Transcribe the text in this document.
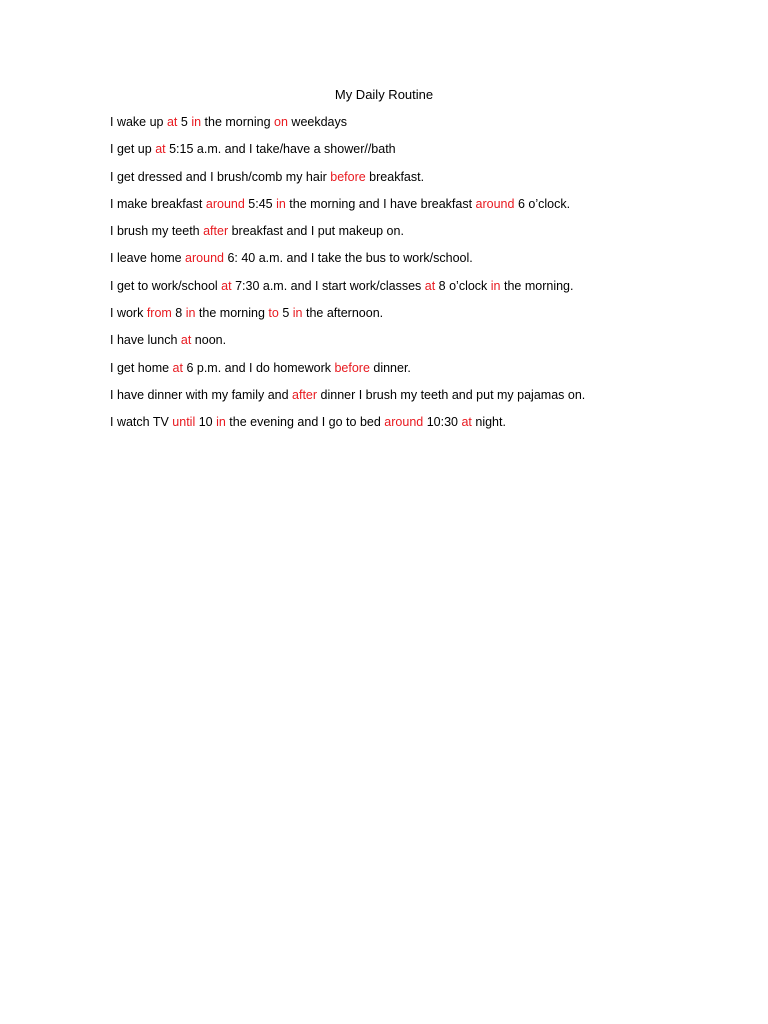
My Daily Routine
I wake up at 5 in the morning on weekdays
I get up at 5:15 a.m. and I take/have a shower//bath
I get dressed and I brush/comb my hair before breakfast.
I make breakfast around 5:45 in the morning and I have breakfast around 6 o’clock.
I brush my teeth after breakfast and I put makeup on.
I leave home around 6: 40 a.m. and I take the bus to work/school.
I get to work/school at 7:30 a.m. and I start work/classes at 8 o’clock in the morning.
I work from 8 in the morning to 5 in the afternoon.
I have lunch at noon.
I get home at 6 p.m. and I do homework before dinner.
I have dinner with my family and after dinner I brush my teeth and put my pajamas on.
I watch TV until 10 in the evening and I go to bed around 10:30 at night.
